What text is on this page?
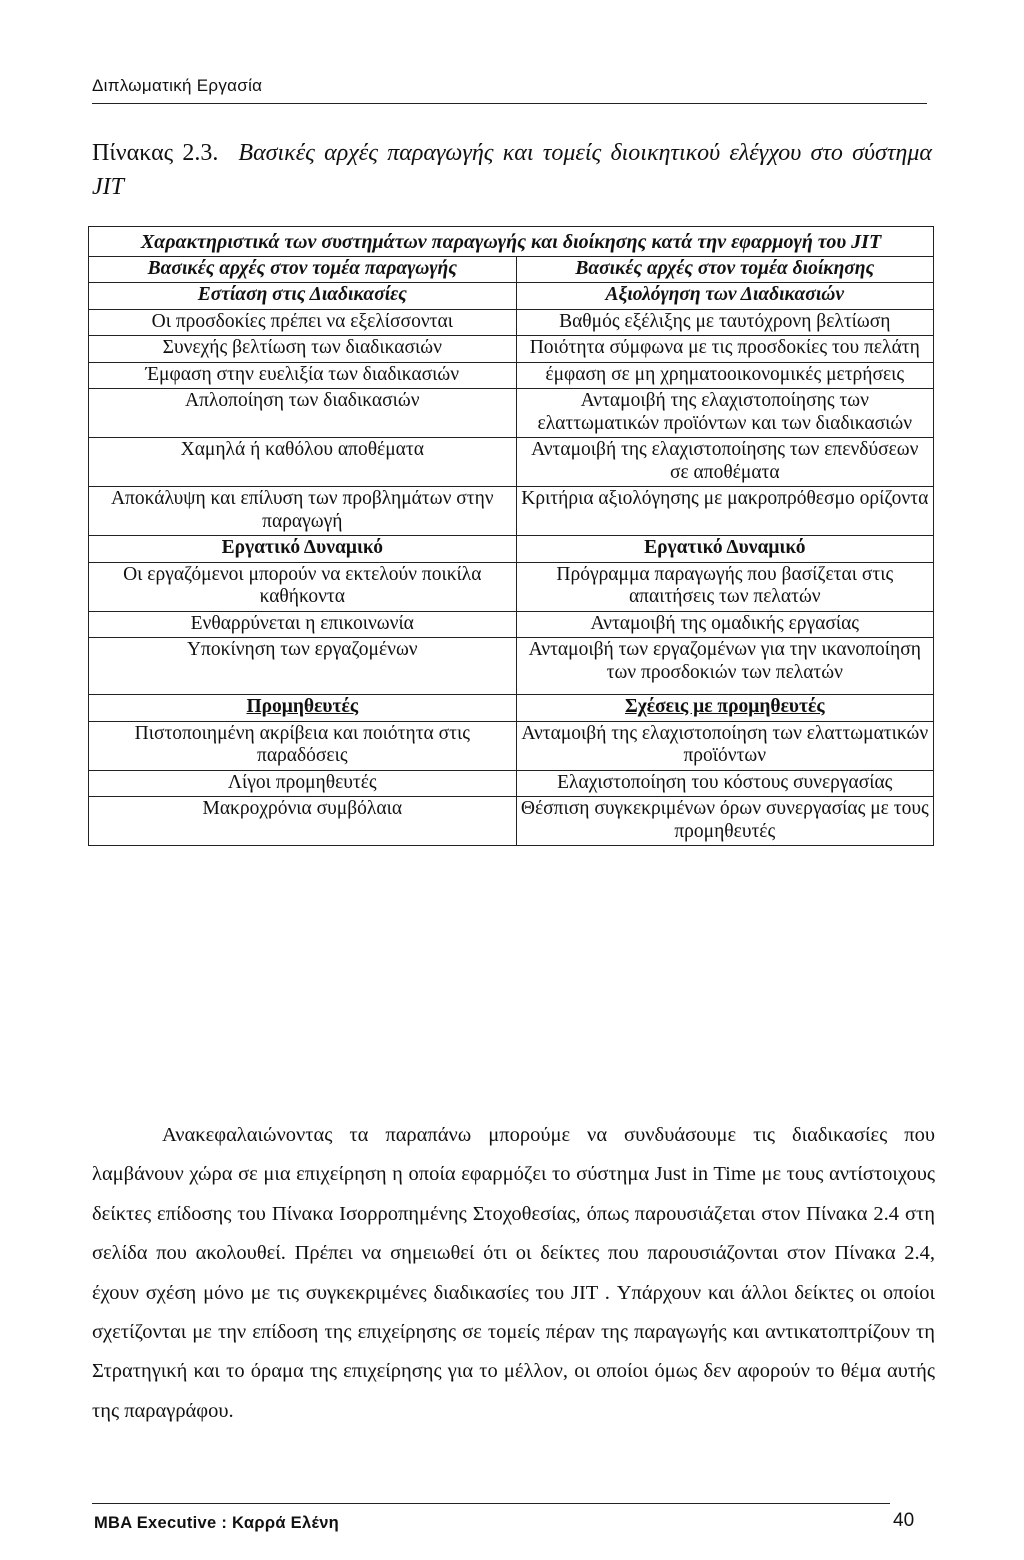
Διπλωματική Εργασία
Πίνακας 2.3. Βασικές αρχές παραγωγής και τομείς διοικητικού ελέγχου στο σύστημα JIT
Χαρακτηριστικά των συστημάτων παραγωγής και διοίκησης κατά την εφαρμογή του JIT	
Βασικές αρχές στον τομέα παραγωγής	Βασικές αρχές στον τομέα διοίκησης
Εστίαση στις Διαδικασίες	Αξιολόγηση των Διαδικασιών
Οι προσδοκίες πρέπει να εξελίσσονται	Βαθμός εξέλιξης με ταυτόχρονη βελτίωση
Συνεχής βελτίωση των διαδικασιών	Ποιότητα σύμφωνα με τις προσδοκίες του πελάτη
Έμφαση στην ευελιξία των διαδικασιών	έμφαση σε μη χρηματοοικονομικές μετρήσεις
Απλοποίηση των διαδικασιών	Ανταμοιβή της ελαχιστοποίησης των ελαττωματικών προϊόντων και των διαδικασιών
Χαμηλά ή καθόλου αποθέματα	Ανταμοιβή της ελαχιστοποίησης των επενδύσεων σε αποθέματα
Αποκάλυψη και επίλυση των προβλημάτων στην παραγωγή	Κριτήρια αξιολόγησης με μακροπρόθεσμο ορίζοντα
Εργατικό Δυναμικό	Εργατικό Δυναμικό
Οι εργαζόμενοι μπορούν να εκτελούν ποικίλα καθήκοντα	Πρόγραμμα παραγωγής που βασίζεται στις απαιτήσεις των πελατών
Ενθαρρύνεται η επικοινωνία	Ανταμοιβή της ομαδικής εργασίας
Υποκίνηση των εργαζομένων	Ανταμοιβή των εργαζομένων για την ικανοποίηση των προσδοκιών των πελατών
Προμηθευτές	Σχέσεις με προμηθευτές
Πιστοποιημένη ακρίβεια και ποιότητα στις παραδόσεις	Ανταμοιβή της ελαχιστοποίηση των ελαττωματικών προϊόντων
Λίγοι προμηθευτές	Ελαχιστοποίηση του κόστους συνεργασίας
Μακροχρόνια συμβόλαια	Θέσπιση συγκεκριμένων όρων συνεργασίας με τους προμηθευτές

Ανακεφαλαιώνοντας τα παραπάνω μπορούμε να συνδυάσουμε τις διαδικασίες που λαμβάνουν χώρα σε μια επιχείρηση η οποία εφαρμόζει το σύστημα Just in Time με τους αντίστοιχους δείκτες επίδοσης του Πίνακα Ισορροπημένης Στοχοθεσίας, όπως παρουσιάζεται στον Πίνακα 2.4 στη σελίδα που ακολουθεί. Πρέπει να σημειωθεί ότι οι δείκτες που παρουσιάζονται στον Πίνακα 2.4, έχουν σχέση μόνο με τις συγκεκριμένες διαδικασίες του JIT . Υπάρχουν και άλλοι δείκτες οι οποίοι σχετίζονται με την επίδοση της επιχείρησης σε τομείς πέραν της παραγωγής και αντικατοπτρίζουν τη Στρατηγική και το όραμα της επιχείρησης για το μέλλον, οι οποίοι όμως δεν αφορούν το θέμα αυτής της παραγράφου.

MBA Executive : Καρρά Ελένη	40
